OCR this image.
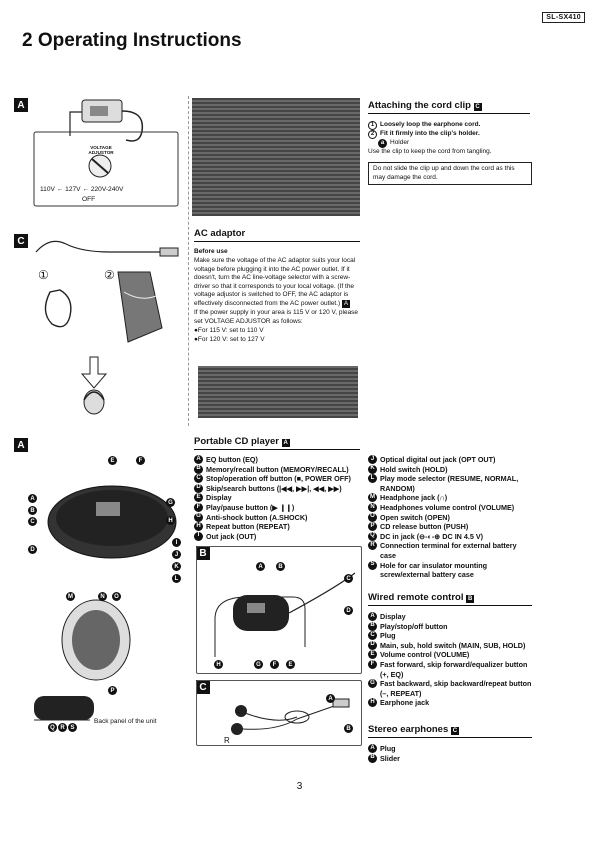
SL-SX410
2 Operating Instructions
A
VOLTAGE ADJUSTOR
110V ← 127V ← 220V-240V
OFF
C
①	②
AC adaptor
Before use
Make sure the voltage of the AC adaptor suits your local voltage before plugging it into the AC power outlet. If it doesn't, turn the AC line-voltage selector with a screw-driver so that it corresponds to your local voltage. (If the voltage adjustor is switched to OFF, the AC adaptor is effectively disconnected from the AC power outlet.) A
If the power supply in your area is 115 V or 120 V, please set VOLTAGE ADJUSTOR as follows:
●For 115 V: set to 110 V
●For 120 V: set to 127 V
Attaching the cord clip C
1 Loosely loop the earphone cord.
2 Fit it firmly into the clip's holder.
a Holder
Use the clip to keep the cord from tangling.
Do not slide the clip up and down the cord as this may damage the cord.
A
A
B
C
D
E	F
G
H
I
J
K
L
M	N	O
P
Q R S
Back panel of the unit
Portable CD player A
A EQ button (EQ)
B Memory/recall button (MEMORY/RECALL)
C Stop/operation off button (■, POWER OFF)
D Skip/search buttons (|◀◀, ▶▶|, ◀◀, ▶▶)
E Display
F Play/pause button (▶ ❙❙)
G Anti-shock button (A.SHOCK)
H Repeat button (REPEAT)
I Out jack (OUT)
J Optical digital out jack (OPT OUT)
K Hold switch (HOLD)
L Play mode selector (RESUME, NORMAL, RANDOM)
M Headphone jack (∩)
N Headphones volume control (VOLUME)
O Open switch (OPEN)
P CD release button (PUSH)
Q DC in jack (⊖-◐-⊕ DC IN 4.5 V)
R Connection terminal for external battery case
S Hole for car insulator mounting screw/external battery case
B
A	B
C
D
E
F
G
H
C
L
R
A
B
Wired remote control B
A Display
B Play/stop/off button
C Plug
D Main, sub, hold switch (MAIN, SUB, HOLD)
E Volume control (VOLUME)
F Fast forward, skip forward/equalizer button (+, EQ)
G Fast backward, skip backward/repeat button (–, REPEAT)
H Earphone jack
Stereo earphones C
A Plug
B Slider
3
